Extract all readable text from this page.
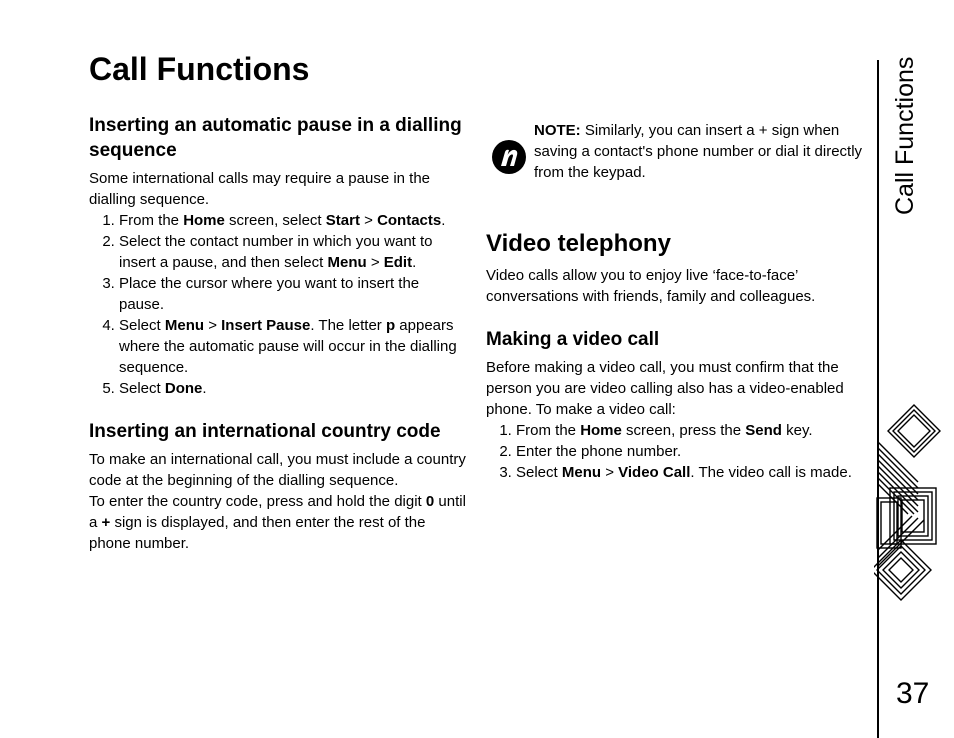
Call Functions
Inserting an automatic pause in a dialling sequence

Some international calls may require a pause in the dialling sequence.

1. From the Home screen, select Start > Contacts.
2. Select the contact number in which you want to insert a pause, and then select Menu > Edit.
3. Place the cursor where you want to insert the pause.
4. Select Menu > Insert Pause. The letter p appears where the automatic pause will occur in the dialling sequence.
5. Select Done.
Inserting an international country code

To make an international call, you must include a country code at the beginning of the dialling sequence.

To enter the country code, press and hold the digit 0 until a + sign is displayed, and then enter the rest of the phone number.

NOTE: Similarly, you can insert a + sign when saving a contact's phone number or dial it directly from the keypad.
Video telephony

Video calls allow you to enjoy live ‘face-to-face’ conversations with friends, family and colleagues.

Making a video call

Before making a video call, you must confirm that the person you are video calling also has a video-enabled phone. To make a video call:

1. From the Home screen, press the Send key.
2. Enter the phone number.
3. Select Menu > Video Call. The video call is made.
Call Functions
37
